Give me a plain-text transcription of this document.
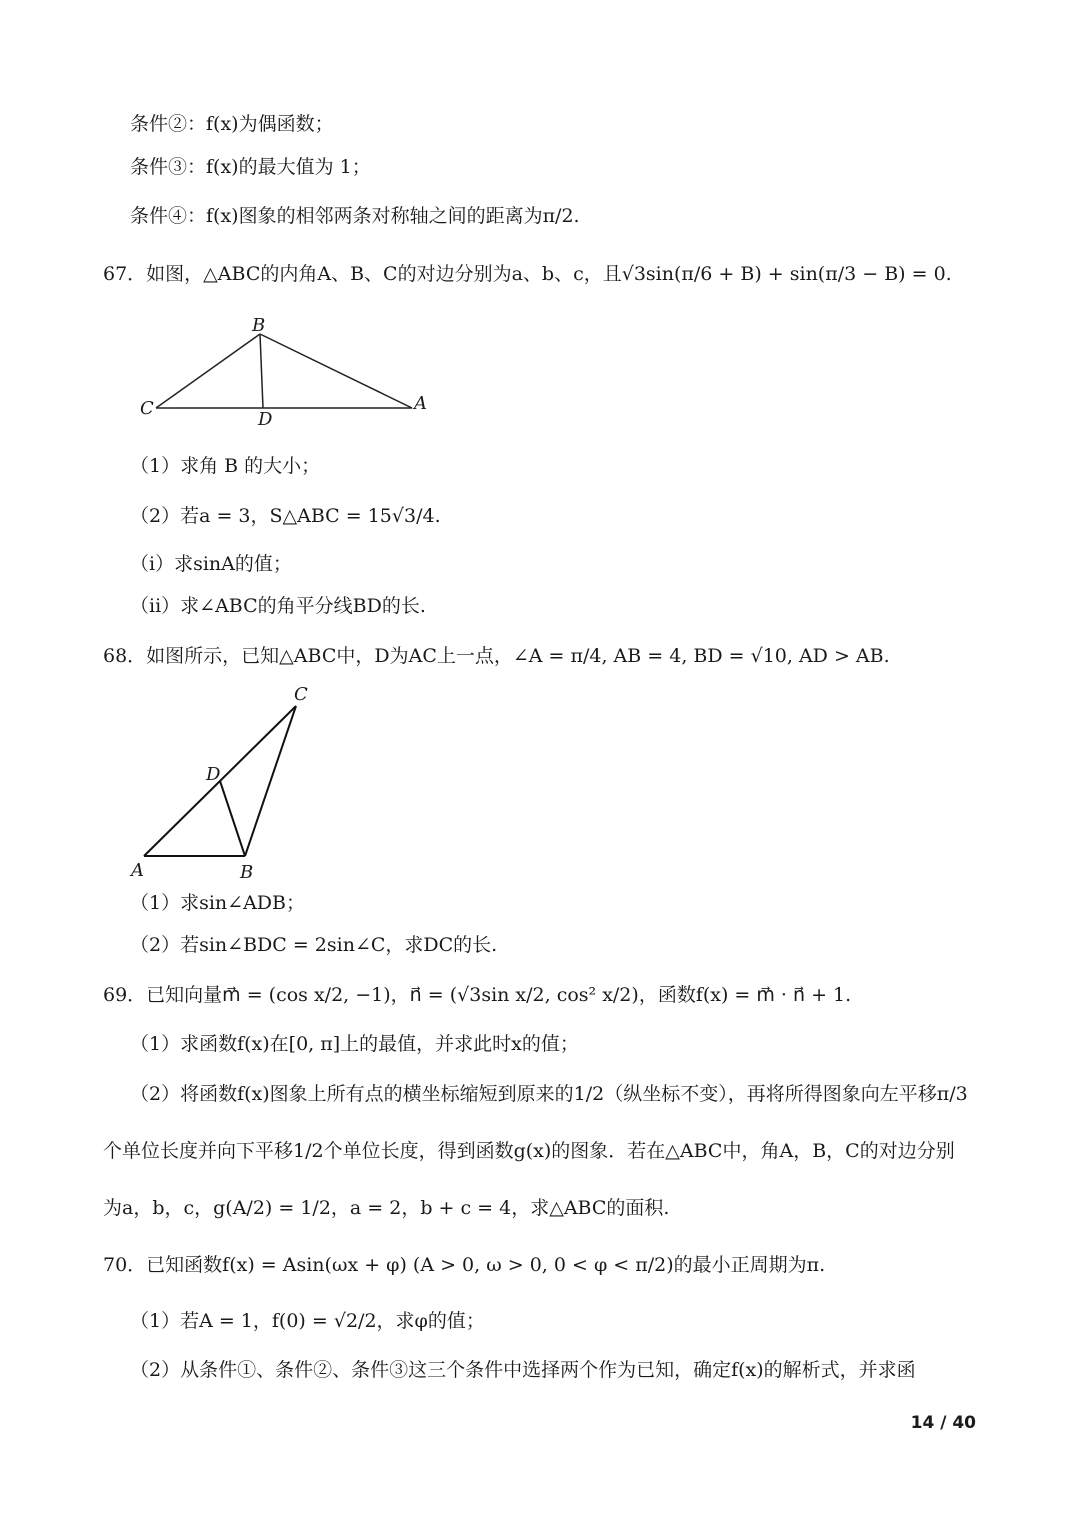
条件②：f(x)为偶函数；
条件③：f(x)的最大值为 1；
条件④：f(x)图象的相邻两条对称轴之间的距离为π/2.
67．如图，△ABC的内角A、B、C的对边分别为a、b、c，且√3sin(π/6 + B) + sin(π/3 − B) = 0.
B
C	A
D
（1）求角 B 的大小；
（2）若a = 3，S△ABC = 15√3/4.
（i）求sinA的值；
（ii）求∠ABC的角平分线BD的长.
68．如图所示，已知△ABC中，D为AC上一点，∠A = π/4, AB = 4, BD = √10, AD > AB.
C
D
A	B
（1）求sin∠ADB；
（2）若sin∠BDC = 2sin∠C，求DC的长.
69．已知向量m⃗ = (cos x/2, −1)，n⃗ = (√3sin x/2, cos² x/2)，函数f(x) = m⃗ · n⃗ + 1.
（1）求函数f(x)在[0, π]上的最值，并求此时x的值；
（2）将函数f(x)图象上所有点的横坐标缩短到原来的1/2（纵坐标不变），再将所得图象向左平移π/3
个单位长度并向下平移1/2个单位长度，得到函数g(x)的图象．若在△ABC中，角A，B，C的对边分别
为a，b，c，g(A/2) = 1/2，a = 2，b + c = 4，求△ABC的面积.
70．已知函数f(x) = Asin(ωx + φ) (A > 0, ω > 0, 0 < φ < π/2)的最小正周期为π.
（1）若A = 1，f(0) = √2/2，求φ的值；
（2）从条件①、条件②、条件③这三个条件中选择两个作为已知，确定f(x)的解析式，并求函
14 / 40
